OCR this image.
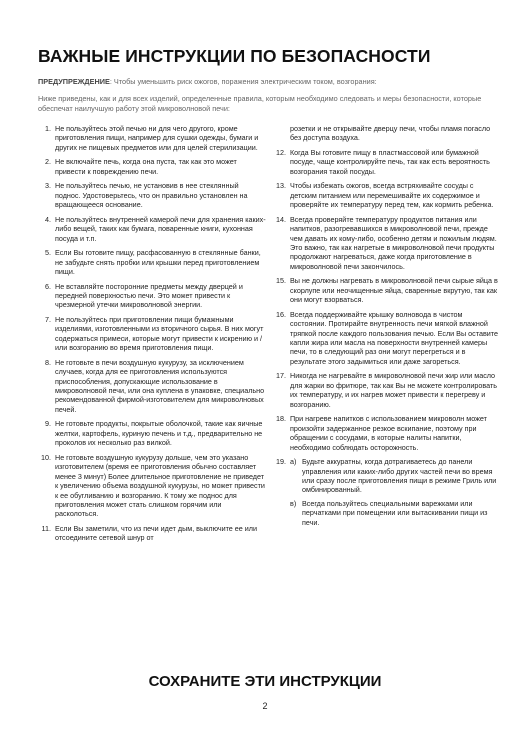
ВАЖНЫЕ ИНСТРУКЦИИ ПО БЕЗОПАСНОСТИ
ПРЕДУПРЕЖДЕНИЕ: Чтобы уменьшить риск ожогов, поражения электрическим током, возгорания:
Ниже приведены, как и для всех изделий, определенные правила, которым необходимо следовать и меры безопасности, которые обеспечат наилучшую работу этой микроволновой печи:
1. Не пользуйтесь этой печью ни для чего другого, кроме приготовления пищи, например для сушки одежды, бумаги и других не пищевых предметов или для целей стерилизации.
2. Не включайте печь, когда она пуста, так как это может привести к повреждению печи.
3. Не пользуйтесь печью, не установив в нее стеклянный поднос. Удостоверьтесь, что он правильно установлен на вращающееся основание.
4. Не пользуйтесь внутренней камерой печи для хранения каких-либо вещей, таких как бумага, поваренные книги, кухонная посуда и т.п.
5. Если Вы готовите пищу, расфасованную в стеклянные банки, не забудьте снять пробки или крышки перед приготовлением пищи.
6. Не вставляйте посторонние предметы между дверцей и передней поверхностью печи. Это может привести к чрезмерной утечки микроволновой энергии.
7. Не пользуйтесь при приготовлении пищи бумажными изделиями, изготовленными из вторичного сырья. В них могут содержаться примеси, которые могут привести к искрению и /или возгоранию во время приготовления пищи.
8. Не готовьте в печи воздушную кукурузу, за исключением случаев, когда для ее приготовления используются приспособления, допускающие использование в микроволновой печи, или она куплена в упаковке, специально рекомендованной фирмой-изготовителем для микроволновых печей.
9. Не готовьте продукты, покрытые оболочкой, такие как яичные желтки, картофель, куриную печень и т.д., предварительно не проколов их несколько раз вилкой.
10. Не готовьте воздушную кукурузу дольше, чем это указано изготовителем (время ее приготовления обычно составляет менее 3 минут) Более длительное приготовление не приведет к увеличению объема воздушной кукурузы, но может привести к ее обугливанию и возгоранию. К тому же поднос для приготовления может стать слишком горячим или расколоться.
11. Если Вы заметили, что из печи идет дым, выключите ее или отсоедините сетевой шнур от
розетки и не открывайте дверцу печи, чтобы пламя погасло без доступа воздуха.
12. Когда Вы готовите пищу в пластмассовой или бумажной посуде, чаще контролируйте печь, так как есть вероятность возгорания такой посуды.
13. Чтобы избежать ожогов, всегда встряхивайте сосуды с детским питанием или перемешивайте их содержимое и проверяйте их температуру перед тем, как кормить ребенка.
14. Всегда проверяйте температуру продуктов питания или напитков, разогревавшихся в микроволновой печи, прежде чем давать их кому-либо, особенно детям и пожилым людям. Это важно, так как нагретые в микроволновой печи продукты продолжают нагреваться, даже когда приготовление в микроволновой печи закончилось.
15. Вы не должны нагревать в микроволновой печи сырые яйца в скорлупе или неочищенные яйца, сваренные вкрутую, так как они могут взорваться.
16. Всегда поддерживайте крышку волновода в чистом состоянии. Протирайте внутренность печи мягкой влажной тряпкой после каждого пользования печью. Если Вы оставите капли жира или масла на поверхности внутренней камеры печи, то в следующий раз они могут перегреться и в результате этого задымиться или даже загореться.
17. Никогда не нагревайте в микроволновой печи жир или масло для жарки во фритюре, так как Вы не можете контролировать их температуру, и их нагрев может привести к перегреву и возгоранию.
18. При нагреве напитков с использованием микроволн может произойти задержанное резкое вскипание, поэтому при обращении с сосудами, в которые налиты напитки, необходимо соблюдать осторожность.
19. а) Будьте аккуратны, когда дотрагиваетесь до панели управления или каких-либо других частей печи во время или сразу после приготовления пищи в режиме Гриль или омбинированный.
в) Всегда пользуйтесь специальными варежками или перчатками при помещении или вытаскивании пищи из печи.
СОХРАНИТЕ ЭТИ ИНСТРУКЦИИ
2
